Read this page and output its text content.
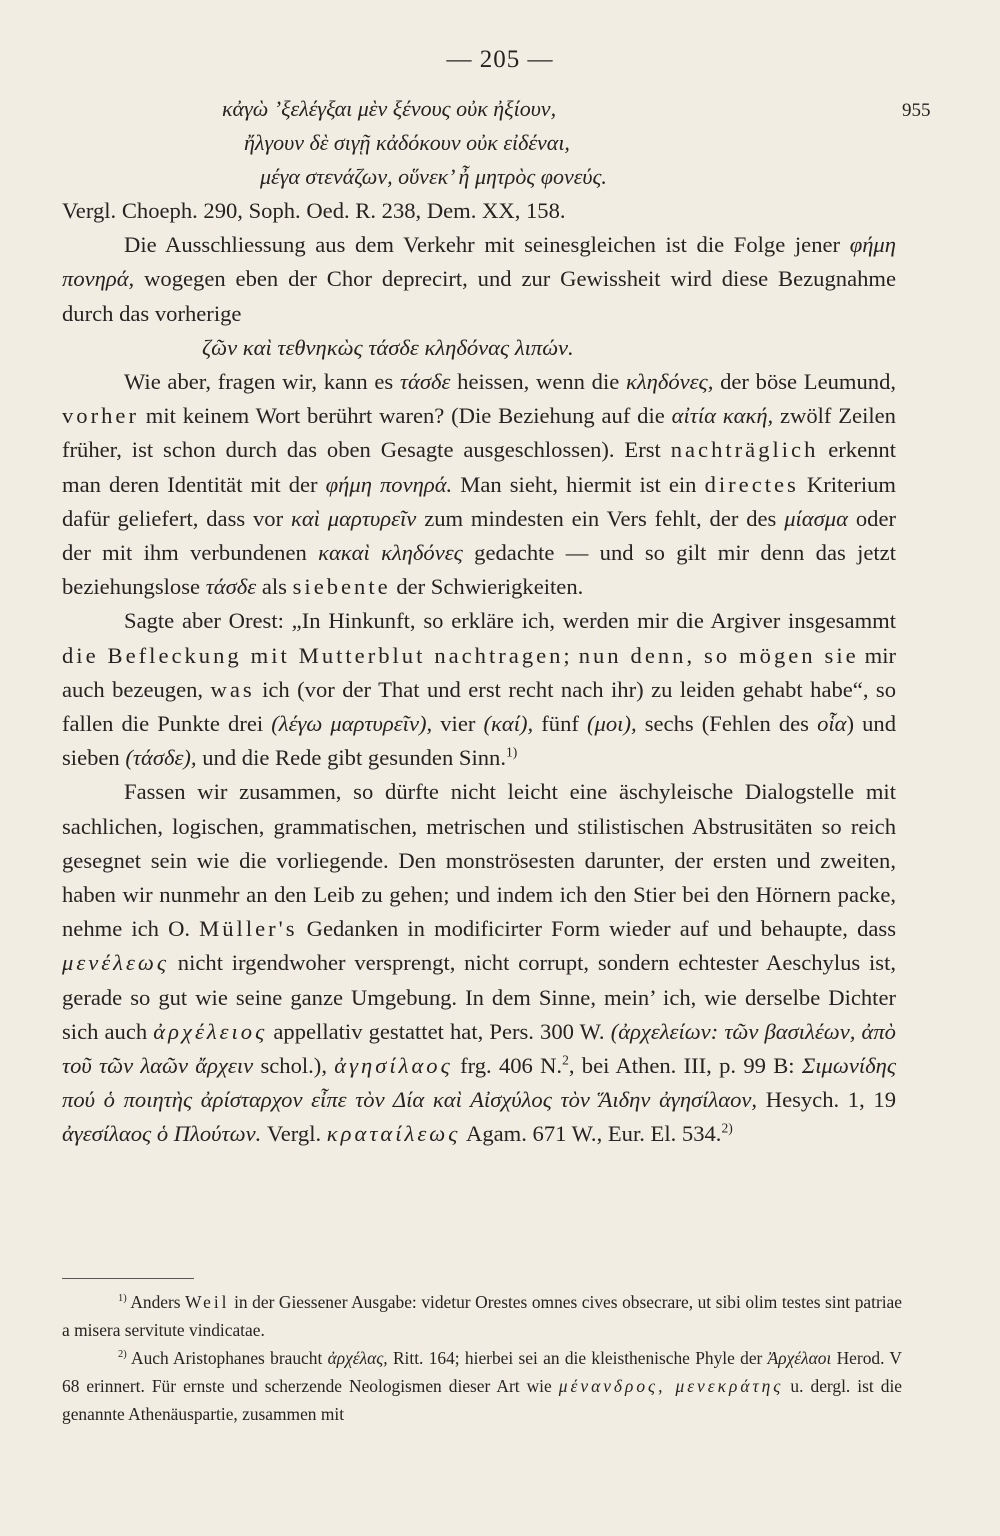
— 205 —
κἀγὼ ’ξελέγξαι μὲν ξένους οὐκ ἠξίουν,	955
ἤλγουν δὲ σιγῇ κἀδόκουν οὐκ εἰδέναι,
μέγα στενάζων, οὕνεκ’ ἦ μητρὸς φονεύς.

Vergl. Choeph. 290, Soph. Oed. R. 238, Dem. XX, 158.

Die Ausschliessung aus dem Verkehr mit seinesgleichen ist die Folge jener φήμη πονηρά, wogegen eben der Chor deprecirt, und zur Gewissheit wird diese Bezugnahme durch das vorherige

ζῶν καὶ τεθνηκὼς τάσδε κληδόνας λιπών.

Wie aber, fragen wir, kann es τάσδε heissen, wenn die κληδόνες, der böse Leumund, vorher mit keinem Wort berührt waren? (Die Beziehung auf die αἰτία κακή, zwölf Zeilen früher, ist schon durch das oben Gesagte ausgeschlossen). Erst nachträglich erkennt man deren Identität mit der φήμη πονηρά. Man sieht, hiermit ist ein directes Kriterium dafür geliefert, dass vor καὶ μαρτυρεῖν zum mindesten ein Vers fehlt, der des μίασμα oder der mit ihm verbundenen κακαὶ κληδόνες gedachte — und so gilt mir denn das jetzt beziehungslose τάσδε als siebente der Schwierigkeiten.

Sagte aber Orest: „In Hinkunft, so erkläre ich, werden mir die Argiver insgesammt die Befleckung mit Mutterblut nachtragen; nun denn, so mögen sie mir auch bezeugen, was ich (vor der That und erst recht nach ihr) zu leiden gehabt habe“, so fallen die Punkte drei (λέγω μαρτυρεῖν), vier (καί), fünf (μοι), sechs (Fehlen des οἷα) und sieben (τάσδε), und die Rede gibt gesunden Sinn.$^{1)}$

Fassen wir zusammen, so dürfte nicht leicht eine äschyleische Dialogstelle mit sachlichen, logischen, grammatischen, metrischen und stilistischen Abstrusitäten so reich gesegnet sein wie die vorliegende. Den monströsesten darunter, der ersten und zweiten, haben wir nunmehr an den Leib zu gehen; und indem ich den Stier bei den Hörnern packe, nehme ich O. Müller's Gedanken in modificirter Form wieder auf und behaupte, dass μενέλεως nicht irgendwoher versprengt, nicht corrupt, sondern echtester Aeschylus ist, gerade so gut wie seine ganze Umgebung. In dem Sinne, mein’ ich, wie derselbe Dichter sich auch ἀρχέλειος appellativ gestattet hat, Pers. 300 W. (ἀρχελείων: τῶν βασιλέων, ἀπὸ τοῦ τῶν λαῶν ἄρχειν schol.), ἀγησίλαος frg. 406 N.$^2$, bei Athen. III, p. 99 B: Σιμωνίδης πού ὁ ποιητὴς ἀρίσταρχον εἶπε τὸν Δία καὶ Αἰσχύλος τὸν Ἅιδην ἀγησίλαον, Hesych. 1, 19 ἀγεσίλαος ὁ Πλούτων. Vergl. κραταίλεως Agam. 671 W., Eur. El. 534.$^{2)}$

$^{1)}$ Anders Weil in der Giessener Ausgabe: videtur Orestes omnes cives obsecrare, ut sibi olim testes sint patriae a misera servitute vindicatae.

$^{2)}$ Auch Aristophanes braucht ἀρχέλας, Ritt. 164; hierbei sei an die kleisthenische Phyle der Ἀρχέλαοι Herod. V 68 erinnert. Für ernste und scherzende Neologismen dieser Art wie μένανδρος, μενεκράτης u. dergl. ist die genannte Athenäuspartie, zusammen mit
